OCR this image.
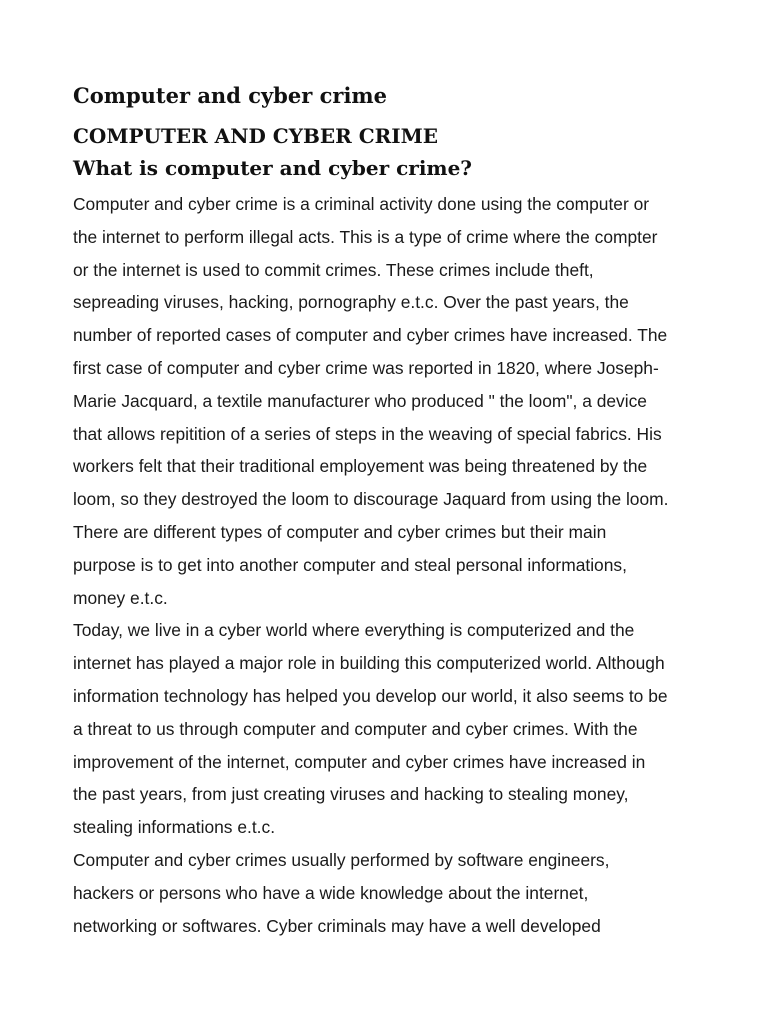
Computer and cyber crime
COMPUTER AND CYBER CRIME
What is computer and cyber crime?
Computer and cyber crime is a criminal activity done using the computer or
the internet to perform illegal acts. This is a type of crime where the compter
or the internet is used to commit crimes. These crimes include theft,
sepreading viruses, hacking, pornography e.t.c. Over the past years, the
number of reported cases of computer and cyber crimes have increased. The
first case of computer and cyber crime was reported in 1820, where Joseph-
Marie Jacquard, a textile manufacturer who produced " the loom", a device
that allows repitition of a series of steps in the weaving of special fabrics. His
workers felt that their traditional employement was being threatened by the
loom, so they destroyed the loom to discourage Jaquard from using the loom.
There are different types of computer and cyber crimes but their main
purpose is to get into another computer and steal personal informations,
money e.t.c.
Today, we live in a cyber world where everything is computerized and the
internet has played a major role in building this computerized world. Although
information technology has helped you develop our world, it also seems to be
a threat to us through computer and computer and cyber crimes. With the
improvement of the internet, computer and cyber crimes have increased in
the past years, from just creating viruses and hacking to stealing money,
stealing informations e.t.c.
Computer and cyber crimes usually performed by software engineers,
hackers or persons who have a wide knowledge about the internet,
networking or softwares. Cyber criminals may have a well developed
